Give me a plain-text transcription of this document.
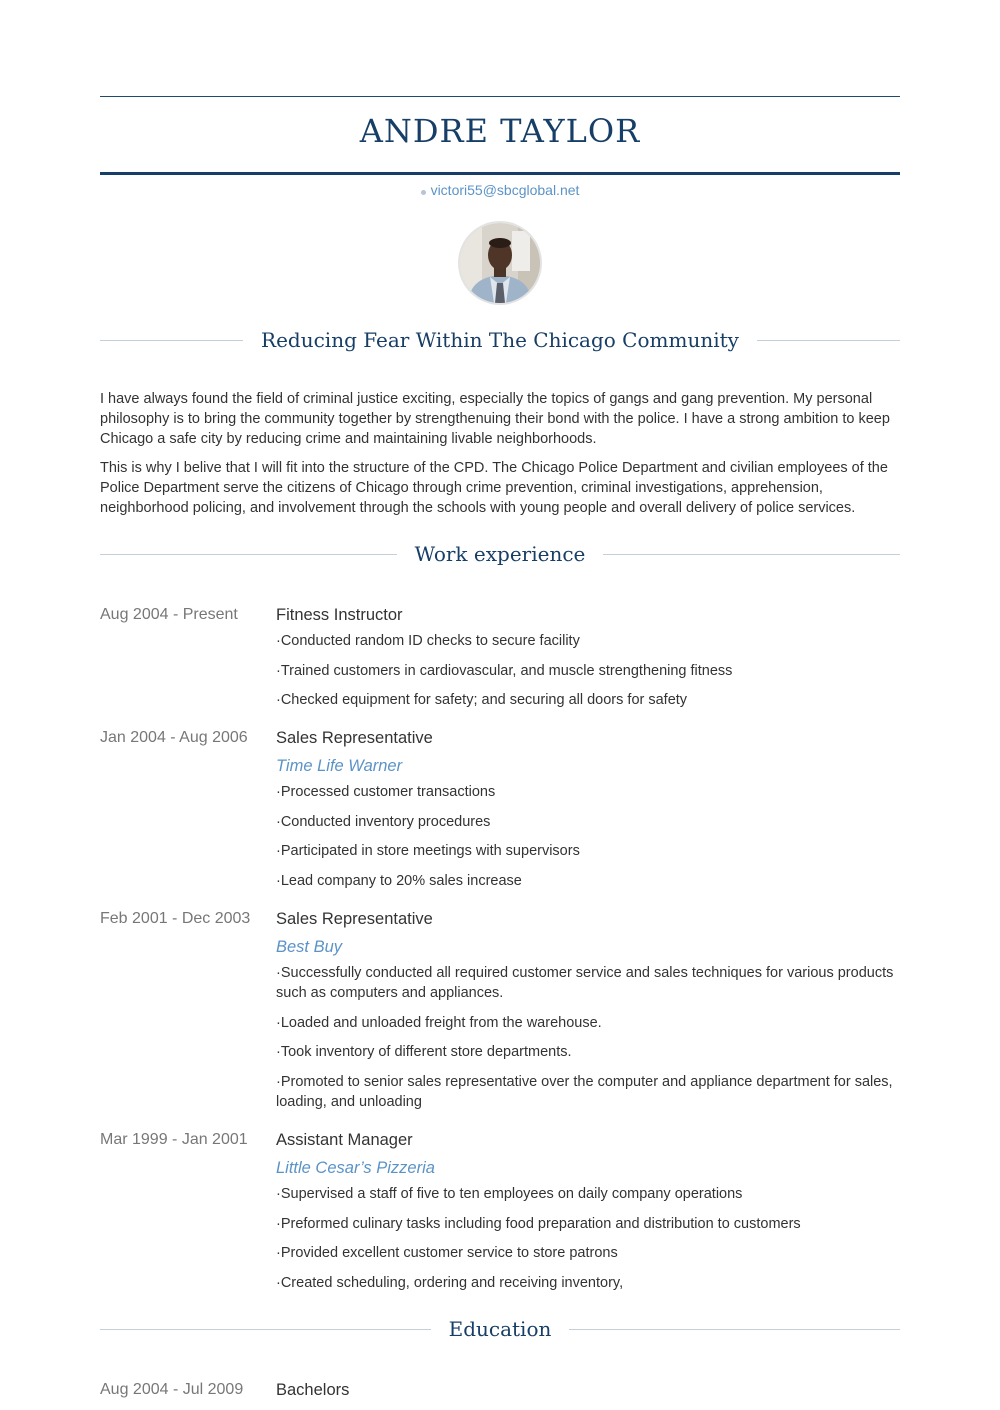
ANDRE TAYLOR
victori55@sbcglobal.net
Reducing Fear Within The Chicago Community

I have always found the field of criminal justice exciting, especially the topics of gangs and gang prevention. My personal philosophy is to bring the community together by strengthenuing their bond with the police. I have a strong ambition to keep Chicago a safe city by reducing crime and maintaining livable neighborhoods.

This is why I belive that I will fit into the structure of the CPD. The Chicago Police Department and civilian employees of the Police Department serve the citizens of Chicago through crime prevention, criminal investigations, apprehension, neighborhood policing, and involvement through the schools with young people and overall delivery of police services.

Work experience
Aug 2004 - Present	Fitness Instructor
·Conducted random ID checks to secure facility
·Trained customers in cardiovascular, and muscle strengthening fitness
·Checked equipment for safety; and securing all doors for safety
Jan 2004 - Aug 2006	Sales Representative
Time Life Warner
·Processed customer transactions
·Conducted inventory procedures
·Participated in store meetings with supervisors
·Lead company to 20% sales increase
Feb 2001 - Dec 2003	Sales Representative
Best Buy
·Successfully conducted all required customer service and sales techniques for various products such as computers and appliances.
·Loaded and unloaded freight from the warehouse.
·Took inventory of different store departments.
·Promoted to senior sales representative over the computer and appliance department for sales, loading, and unloading
Mar 1999 - Jan 2001	Assistant Manager
Little Cesar’s Pizzeria
·Supervised a staff of five to ten employees on daily company operations
·Preformed culinary tasks including food preparation and distribution to customers
·Provided excellent customer service to store patrons
·Created scheduling, ordering and receiving inventory,
Education
Aug 2004 - Jul 2009	Bachelors
